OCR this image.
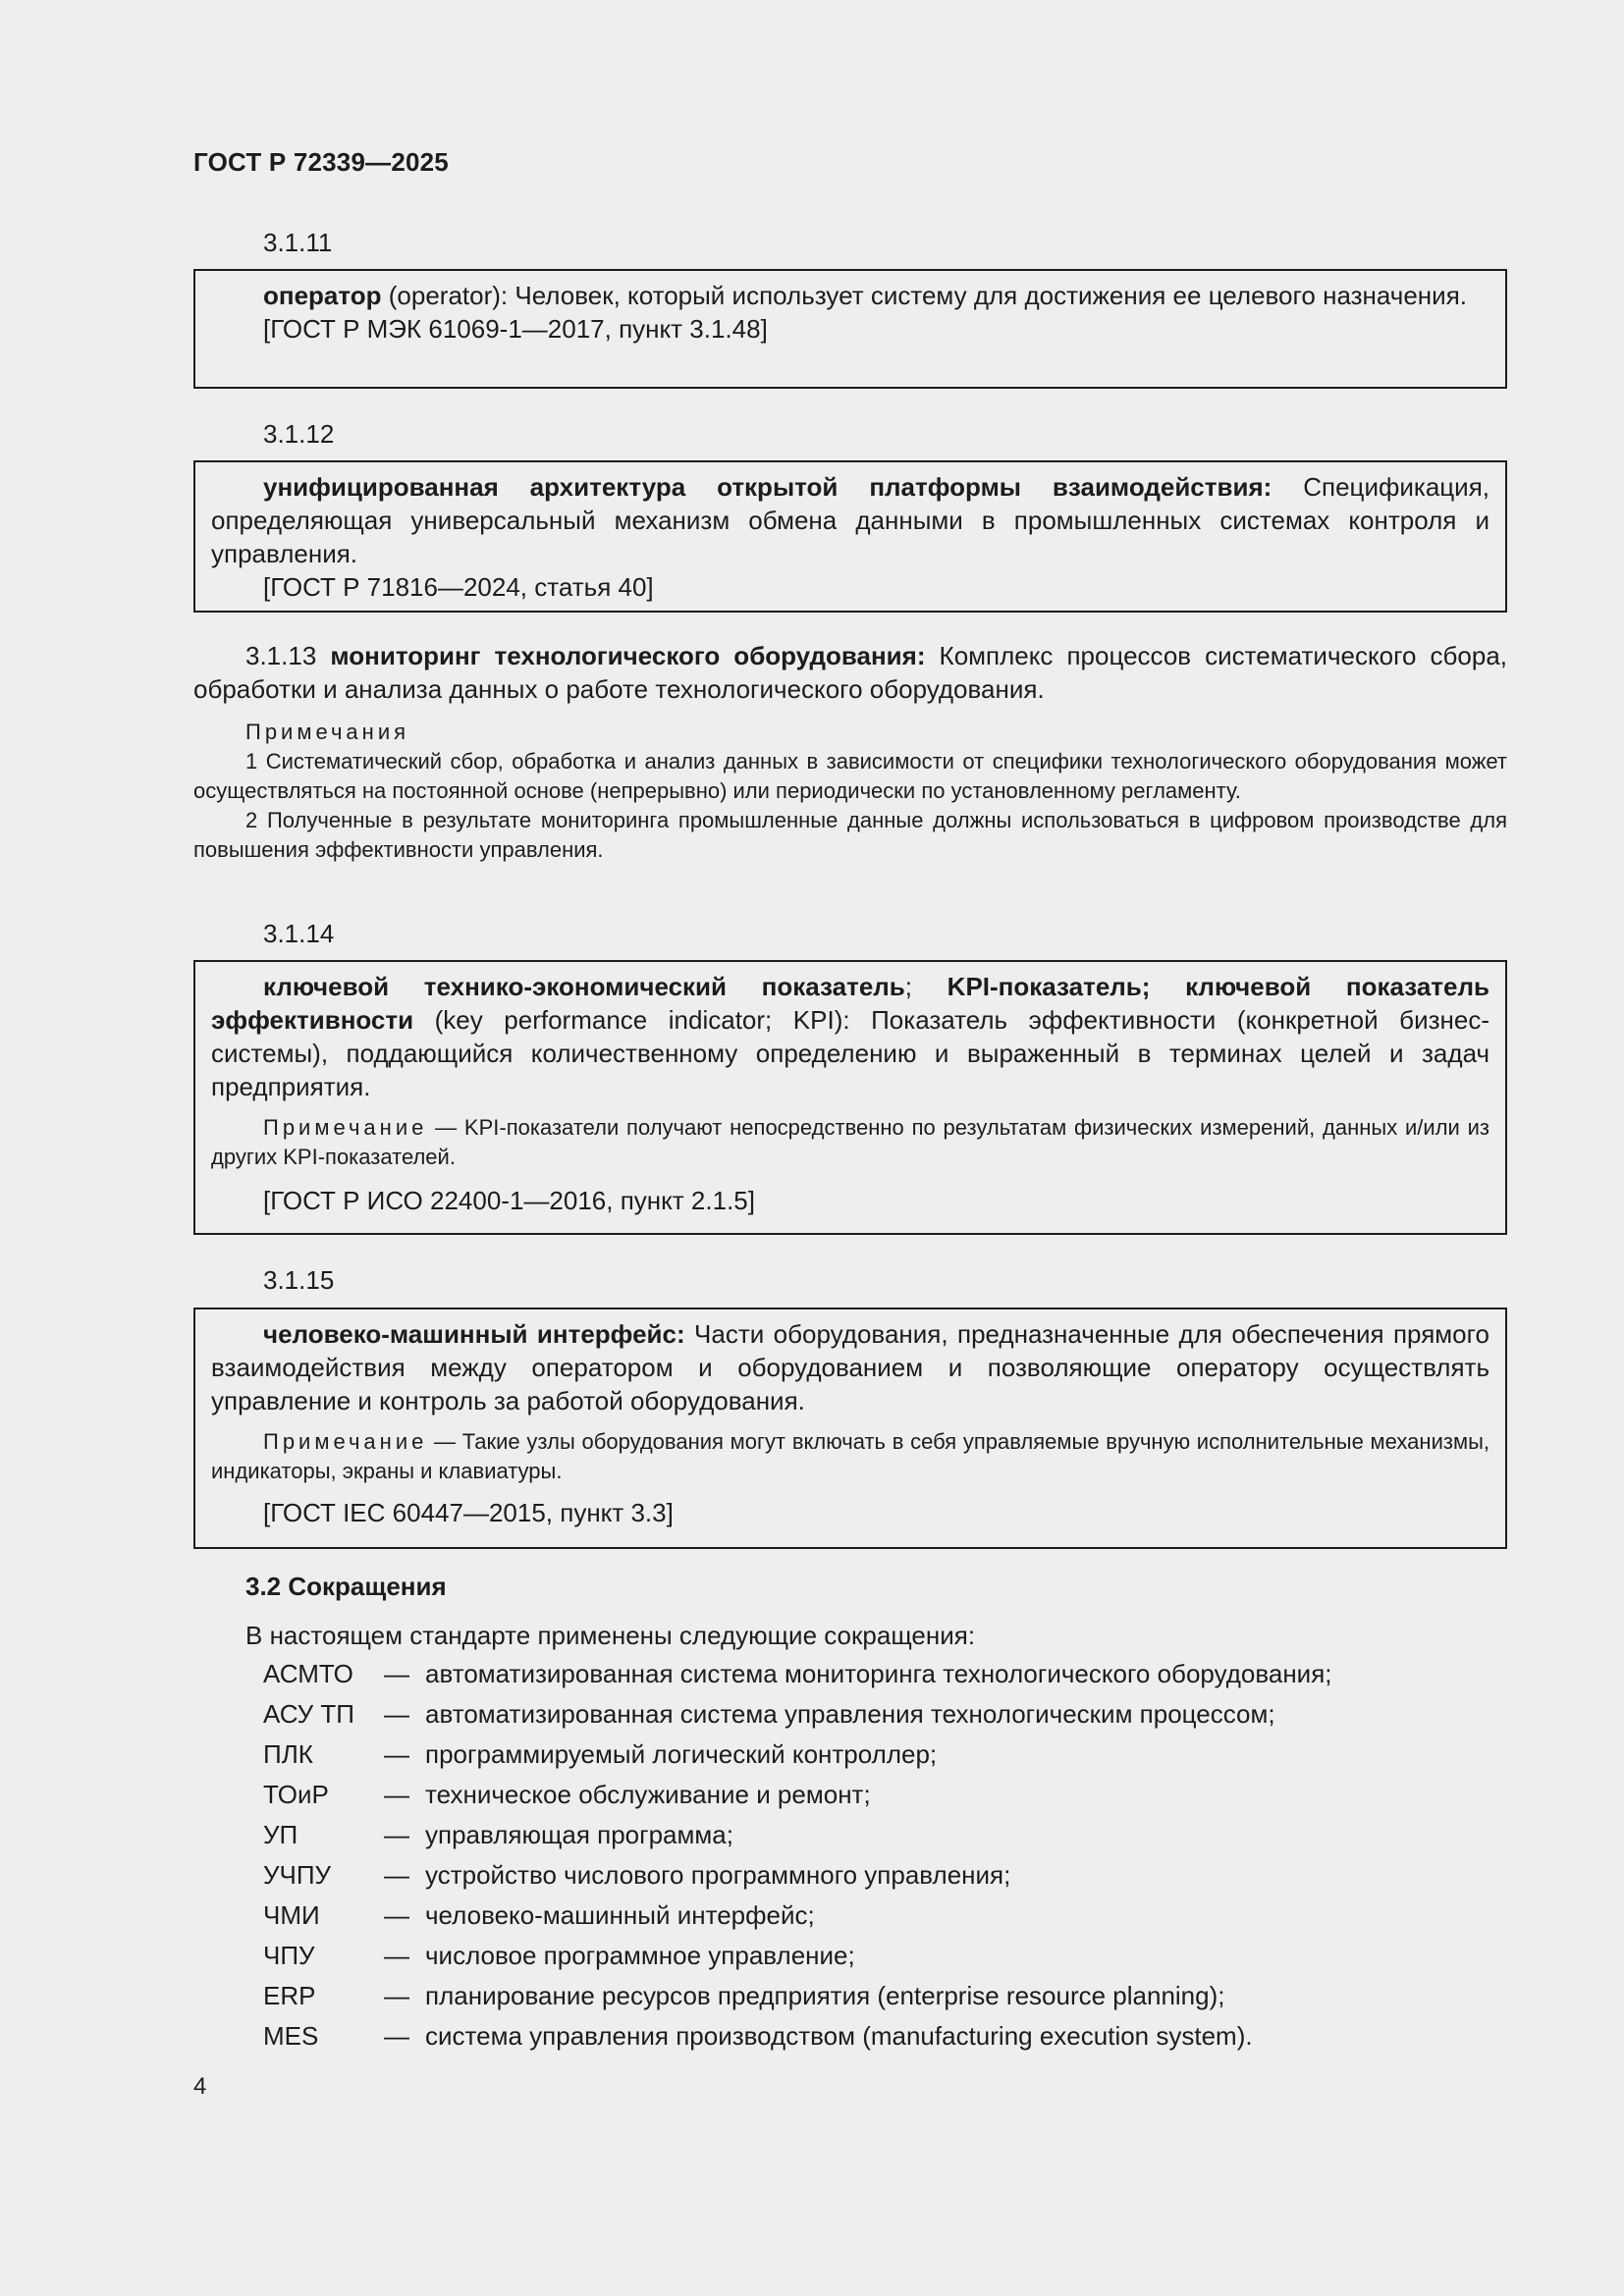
ГОСТ Р 72339—2025
3.1.11

оператор (operator): Человек, который использует систему для достижения ее целевого назначения.

[ГОСТ Р МЭК 61069-1—2017, пункт 3.1.48]

3.1.12

унифицированная архитектура открытой платформы взаимодействия: Спецификация, определяющая универсальный механизм обмена данными в промышленных системах контроля и управления.

[ГОСТ Р 71816—2024, статья 40]

3.1.13 мониторинг технологического оборудования: Комплекс процессов систематического сбора, обработки и анализа данных о работе технологического оборудования.

Примечания

1 Систематический сбор, обработка и анализ данных в зависимости от специфики технологического оборудования может осуществляться на постоянной основе (непрерывно) или периодически по установленному регламенту.

2 Полученные в результате мониторинга промышленные данные должны использоваться в цифровом производстве для повышения эффективности управления.

3.1.14

ключевой технико-экономический показатель; KPI-показатель; ключевой показатель эффективности (key performance indicator; KPI): Показатель эффективности (конкретной бизнес-системы), поддающийся количественному определению и выраженный в терминах целей и задач предприятия.

Примечание — KPI-показатели получают непосредственно по результатам физических измерений, данных и/или из других KPI-показателей.

[ГОСТ Р ИСО 22400-1—2016, пункт 2.1.5]

3.1.15

человеко-машинный интерфейс: Части оборудования, предназначенные для обеспечения прямого взаимодействия между оператором и оборудованием и позволяющие оператору осуществлять управление и контроль за работой оборудования.

Примечание — Такие узлы оборудования могут включать в себя управляемые вручную исполнительные механизмы, индикаторы, экраны и клавиатуры.

[ГОСТ IEC 60447—2015, пункт 3.3]

3.2 Сокращения

В настоящем стандарте применены следующие сокращения:

АСМТО — автоматизированная система мониторинга технологического оборудования;
АСУ ТП — автоматизированная система управления технологическим процессом;
ПЛК	— программируемый логический контроллер;
ТОиР — техническое обслуживание и ремонт;
УП	— управляющая программа;
УЧПУ — устройство числового программного управления;
ЧМИ	— человеко-машинный интерфейс;
ЧПУ	— числовое программное управление;
ERP	— планирование ресурсов предприятия (enterprise resource planning);
MES	— система управления производством (manufacturing execution system).
4
